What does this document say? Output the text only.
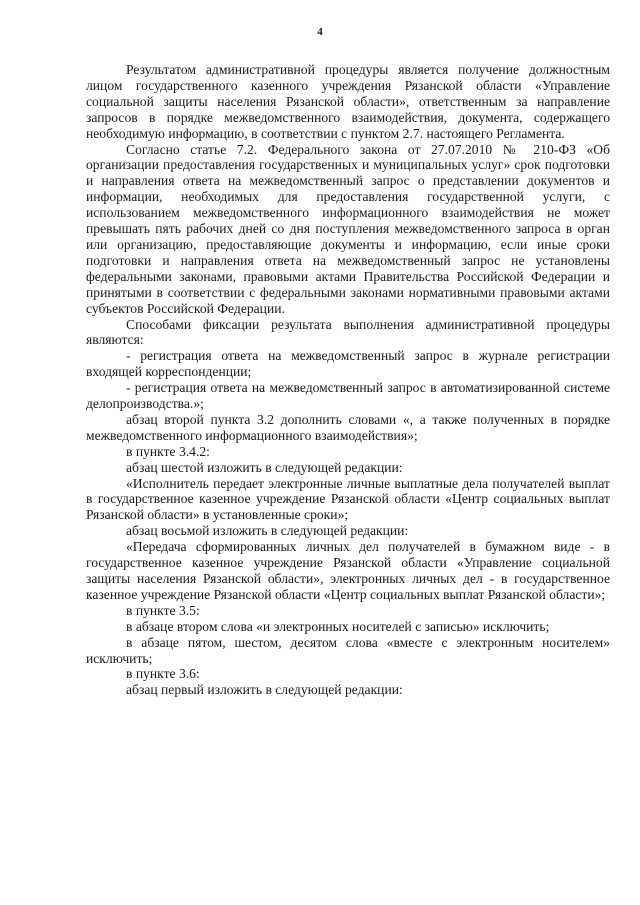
4

Результатом административной процедуры является получение должностным лицом государственного казенного учреждения Рязанской области «Управление социальной защиты населения Рязанской области», ответственным за направление запросов в порядке межведомственного взаимодействия, документа, содержащего необходимую информацию, в соответствии с пунктом 2.7. настоящего Регламента.

Согласно статье 7.2. Федерального закона от 27.07.2010 № 210-ФЗ «Об организации предоставления государственных и муниципальных услуг» срок подготовки и направления ответа на межведомственный запрос о представлении документов и информации, необходимых для предоставления государственной услуги, с использованием межведомственного информационного взаимодействия не может превышать пять рабочих дней со дня поступления межведомственного запроса в орган или организацию, предоставляющие документы и информацию, если иные сроки подготовки и направления ответа на межведомственный запрос не установлены федеральными законами, правовыми актами Правительства Российской Федерации и принятыми в соответствии с федеральными законами нормативными правовыми актами субъектов Российской Федерации.

Способами фиксации результата выполнения административной процедуры являются:

- регистрация ответа на межведомственный запрос в журнале регистрации входящей корреспонденции;

- регистрация ответа на межведомственный запрос в автоматизированной системе делопроизводства.»;

абзац второй пункта 3.2 дополнить словами «, а также полученных в порядке межведомственного информационного взаимодействия»;

в пункте 3.4.2:

абзац шестой изложить в следующей редакции:

«Исполнитель передает электронные личные выплатные дела получателей выплат в государственное казенное учреждение Рязанской области «Центр социальных выплат Рязанской области» в установленные сроки»;

абзац восьмой изложить в следующей редакции:

«Передача сформированных личных дел получателей в бумажном виде - в государственное казенное учреждение Рязанской области «Управление социальной защиты населения Рязанской области», электронных личных дел - в государственное казенное учреждение Рязанской области «Центр социальных выплат Рязанской области»;

в пункте 3.5:

в абзаце втором слова «и электронных носителей с записью» исключить;

в абзаце пятом, шестом, десятом слова «вместе с электронным носителем» исключить;

в пункте 3.6:

абзац первый изложить в следующей редакции:
